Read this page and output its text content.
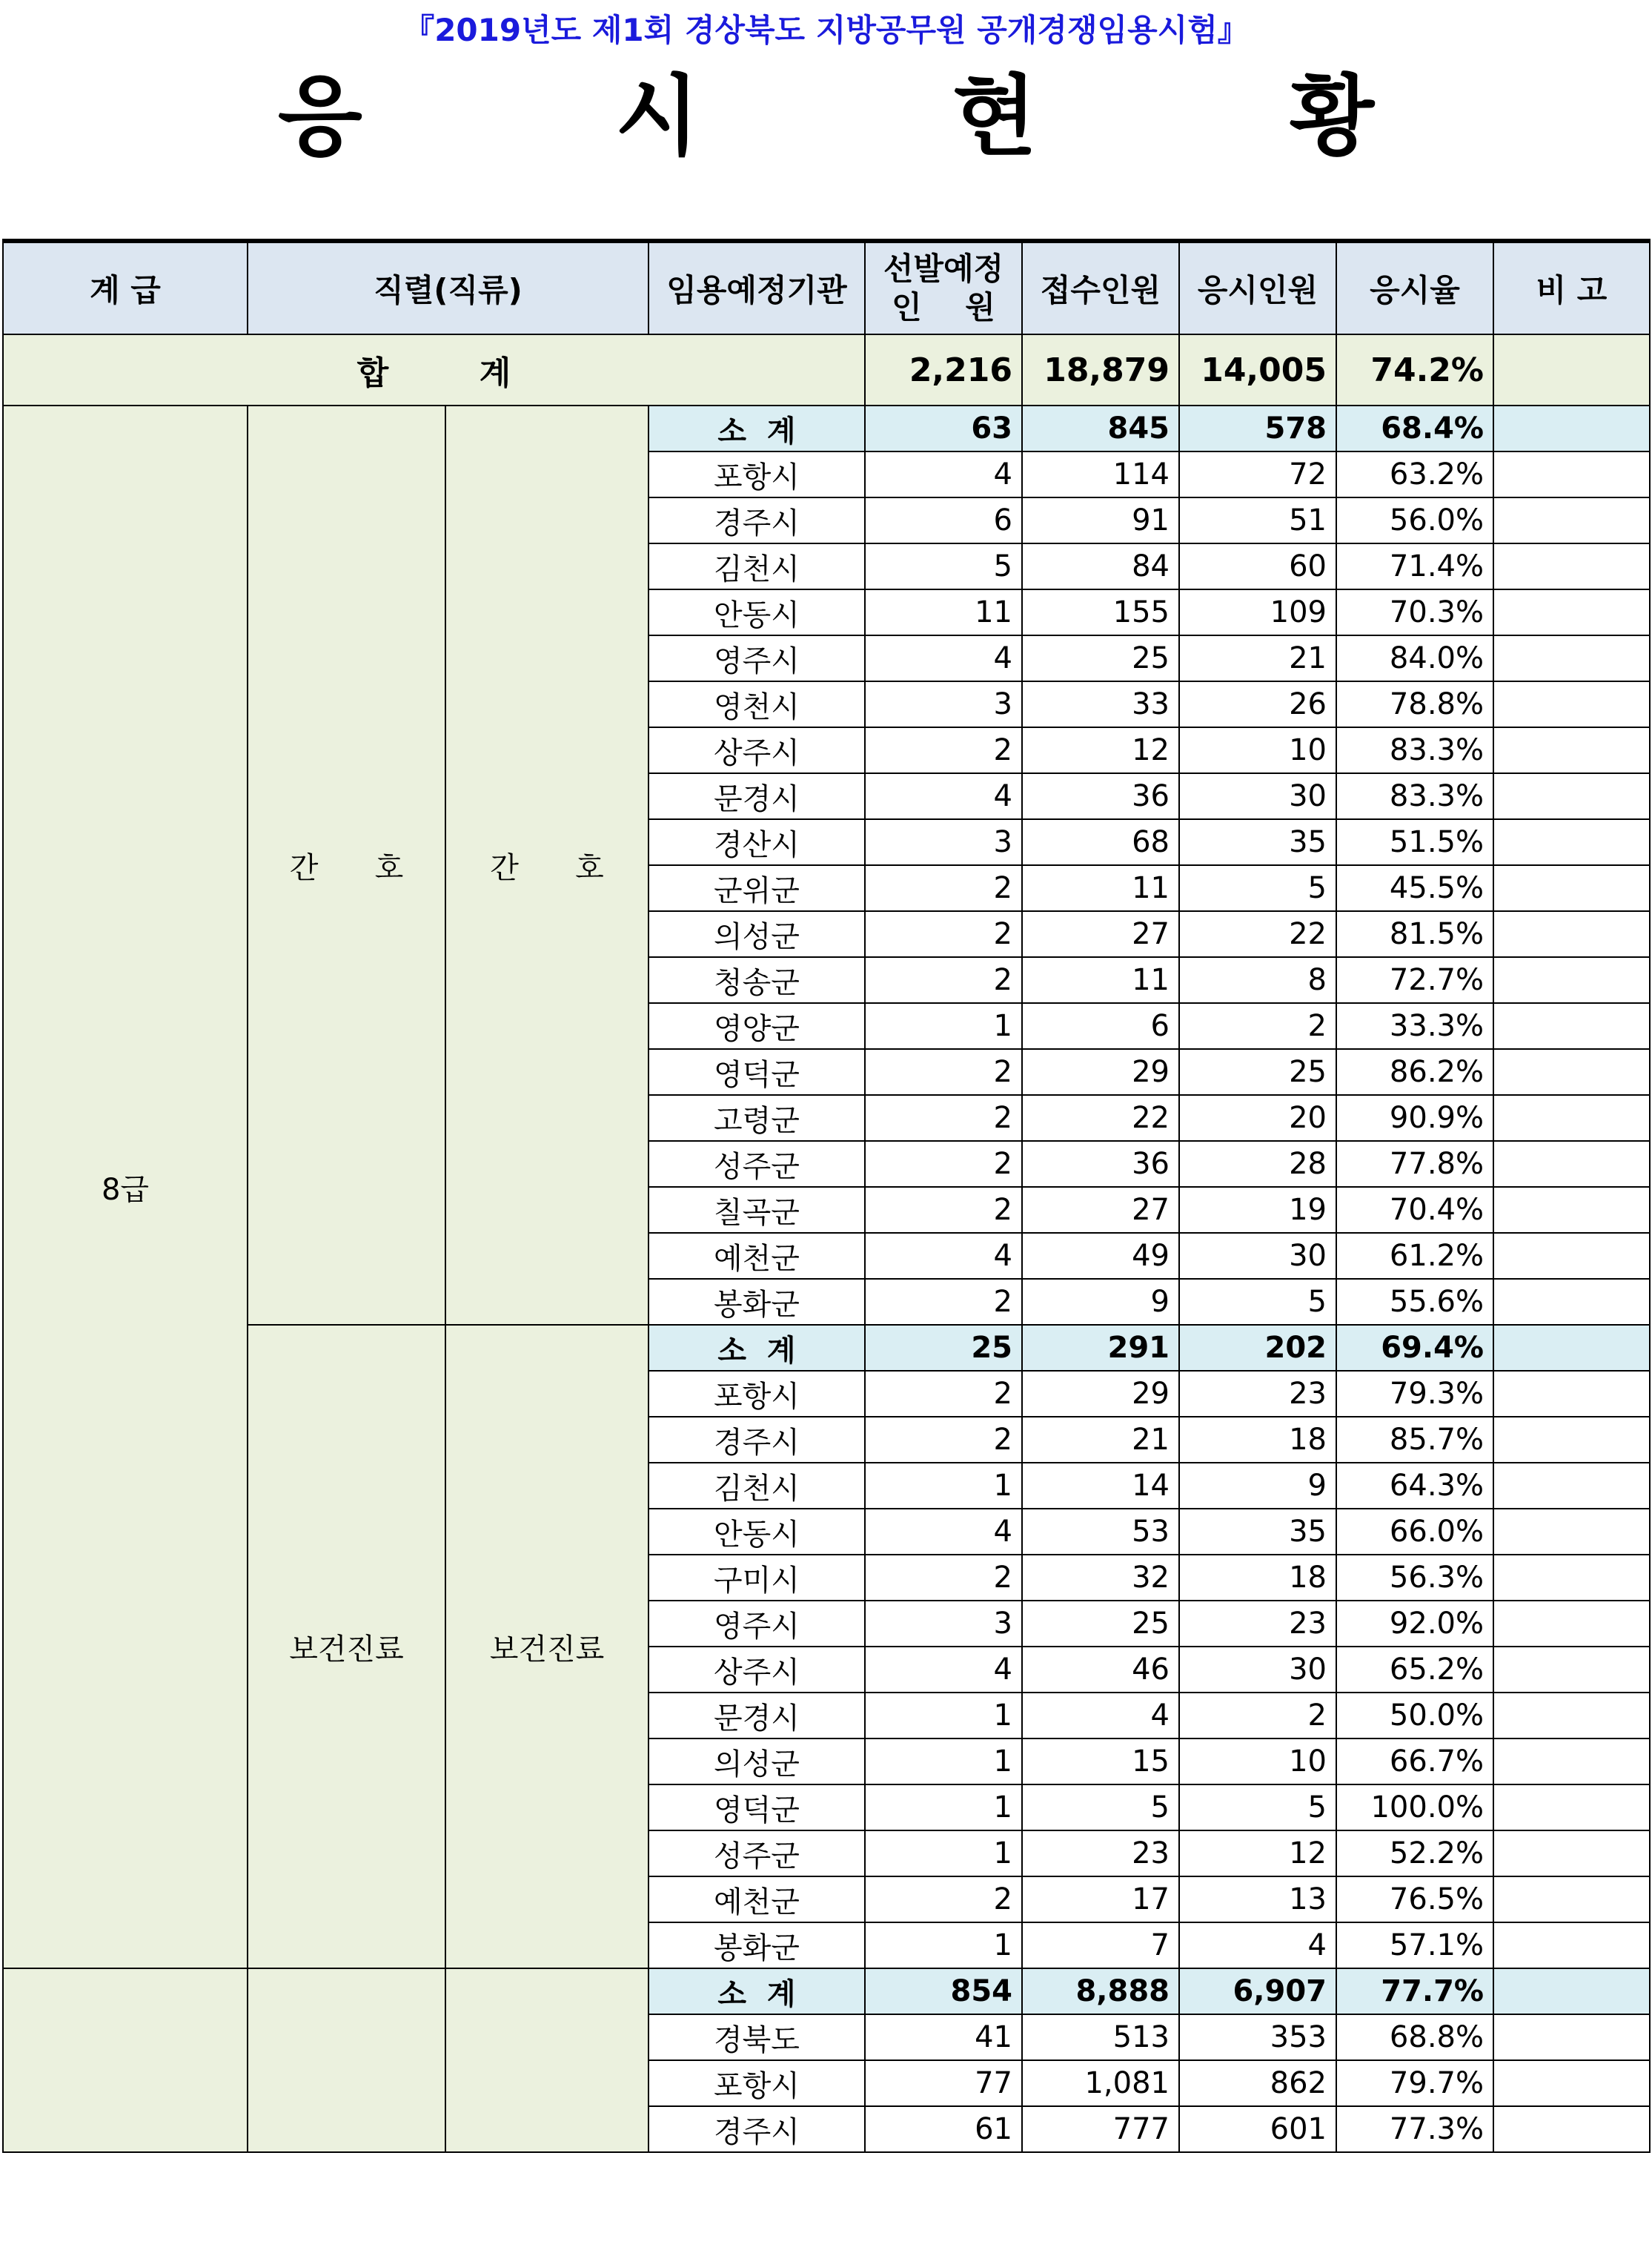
『2019년도 제1회 경상북도 지방공무원 공개경쟁임용시험』
응 시 현 황
계 급	직렬(직류)		임용예정기관	선발예정
인    원	접수인원	응시인원	응시율	비 고
합        계				2,216	18,879	14,005	74.2%	
8급	간      호	간      호	소  계	63	845	578	68.4%	
			포항시	4	114	72	63.2%	
			경주시	6	91	51	56.0%	
			김천시	5	84	60	71.4%	
			안동시	11	155	109	70.3%	
			영주시	4	25	21	84.0%	
			영천시	3	33	26	78.8%	
			상주시	2	12	10	83.3%	
			문경시	4	36	30	83.3%	
			경산시	3	68	35	51.5%	
			군위군	2	11	5	45.5%	
			의성군	2	27	22	81.5%	
			청송군	2	11	8	72.7%	
			영양군	1	6	2	33.3%	
			영덕군	2	29	25	86.2%	
			고령군	2	22	20	90.9%	
			성주군	2	36	28	77.8%	
			칠곡군	2	27	19	70.4%	
			예천군	4	49	30	61.2%	
			봉화군	2	9	5	55.6%	
	보건진료	보건진료	소  계	25	291	202	69.4%	
			포항시	2	29	23	79.3%	
			경주시	2	21	18	85.7%	
			김천시	1	14	9	64.3%	
			안동시	4	53	35	66.0%	
			구미시	2	32	18	56.3%	
			영주시	3	25	23	92.0%	
			상주시	4	46	30	65.2%	
			문경시	1	4	2	50.0%	
			의성군	1	15	10	66.7%	
			영덕군	1	5	5	100.0%	
			성주군	1	23	12	52.2%	
			예천군	2	17	13	76.5%	
			봉화군	1	7	4	57.1%	
			소  계	854	8,888	6,907	77.7%	
			경북도	41	513	353	68.8%	
			포항시	77	1,081	862	79.7%	
			경주시	61	777	601	77.3%	
